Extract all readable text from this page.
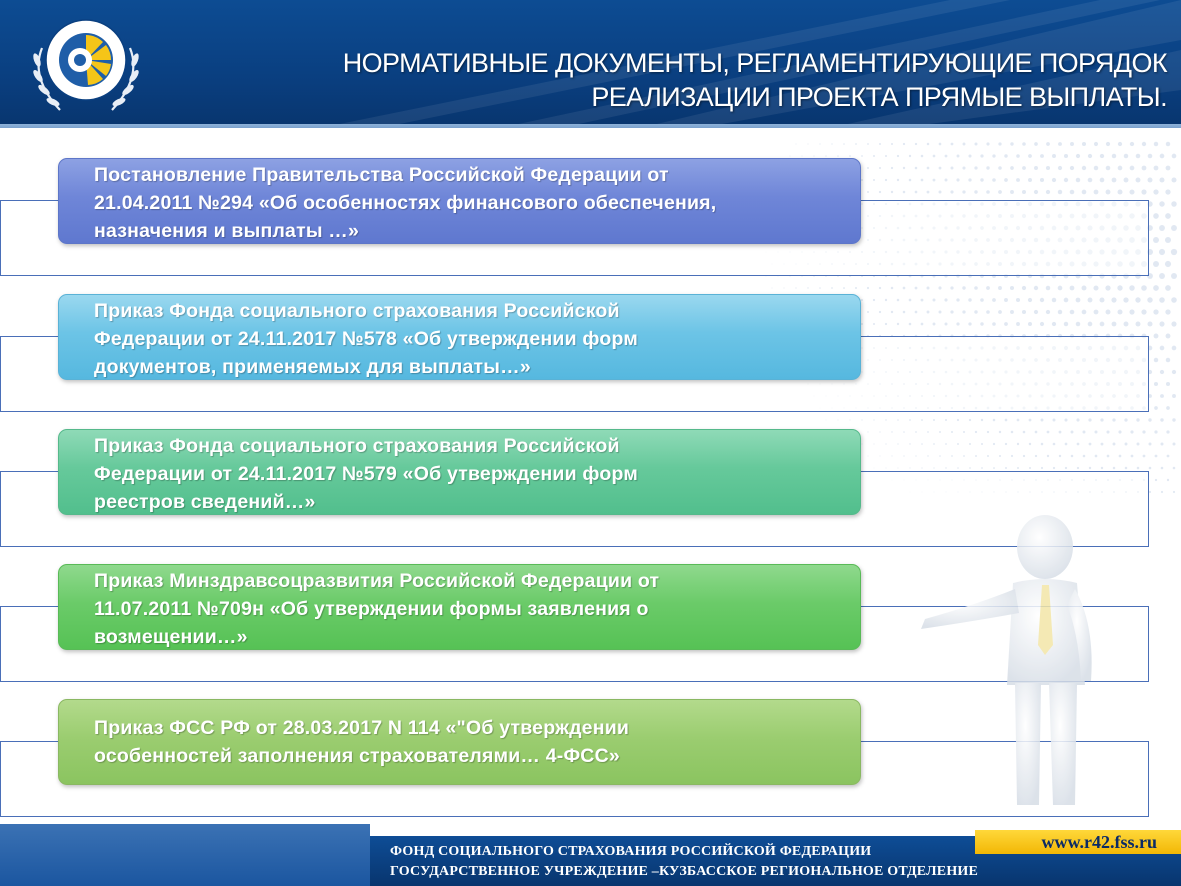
НОРМАТИВНЫЕ ДОКУМЕНТЫ, РЕГЛАМЕНТИРУЮЩИЕ ПОРЯДОК
РЕАЛИЗАЦИИ ПРОЕКТА ПРЯМЫЕ ВЫПЛАТЫ.
Постановление Правительства Российской Федерации от
21.04.2011 №294 «Об особенностях финансового обеспечения,
назначения и выплаты …»
Приказ Фонда социального страхования Российской
Федерации от 24.11.2017 №578 «Об утверждении форм
документов, применяемых для выплаты…»
Приказ Фонда социального страхования Российской
Федерации от 24.11.2017 №579 «Об утверждении форм
реестров сведений…»
Приказ Минздравсоцразвития Российской Федерации от
11.07.2011 №709н «Об утверждении формы заявления о
возмещении…»
Приказ ФСС РФ от 28.03.2017 N 114 «"Об утверждении
особенностей заполнения страхователями… 4-ФСС»
www.r42.fss.ru
ФОНД СОЦИАЛЬНОГО СТРАХОВАНИЯ РОССИЙСКОЙ ФЕДЕРАЦИИ
ГОСУДАРСТВЕННОЕ УЧРЕЖДЕНИЕ –КУЗБАССКОЕ РЕГИОНАЛЬНОЕ ОТДЕЛЕНИЕ
